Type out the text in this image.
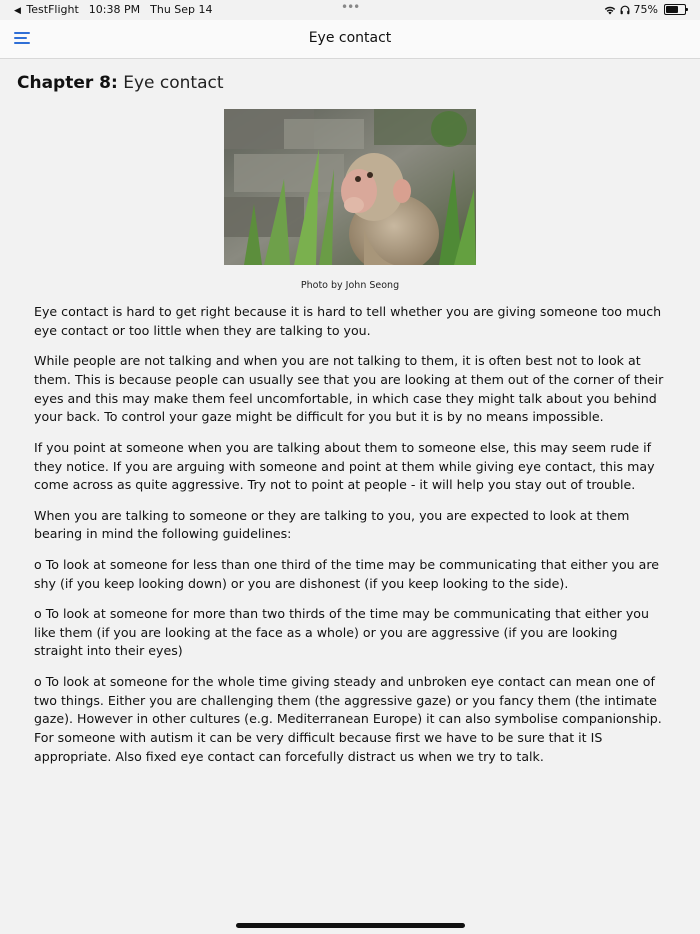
◀ TestFlight 10:38 PM Thu Sep 14	•••	75%
Eye contact
Chapter 8: Eye contact
Photo by John Seong

Eye contact is hard to get right because it is hard to tell whether you are giving someone too much eye contact or too little when they are talking to you.

While people are not talking and when you are not talking to them, it is often best not to look at them. This is because people can usually see that you are looking at them out of the corner of their eyes and this may make them feel uncomfortable, in which case they might talk about you behind your back. To control your gaze might be difficult for you but it is by no means impossible.

If you point at someone when you are talking about them to someone else, this may seem rude if they notice. If you are arguing with someone and point at them while giving eye contact, this may come across as quite aggressive. Try not to point at people - it will help you stay out of trouble.

When you are talking to someone or they are talking to you, you are expected to look at them bearing in mind the following guidelines:

o To look at someone for less than one third of the time may be communicating that either you are shy (if you keep looking down) or you are dishonest (if you keep looking to the side).

o To look at someone for more than two thirds of the time may be communicating that either you like them (if you are looking at the face as a whole) or you are aggressive (if you are looking straight into their eyes)

o To look at someone for the whole time giving steady and unbroken eye contact can mean one of two things. Either you are challenging them (the aggressive gaze) or you fancy them (the intimate gaze). However in other cultures (e.g. Mediterranean Europe) it can also symbolise companionship. For someone with autism it can be very difficult because first we have to be sure that it IS appropriate. Also fixed eye contact can forcefully distract us when we try to talk.
